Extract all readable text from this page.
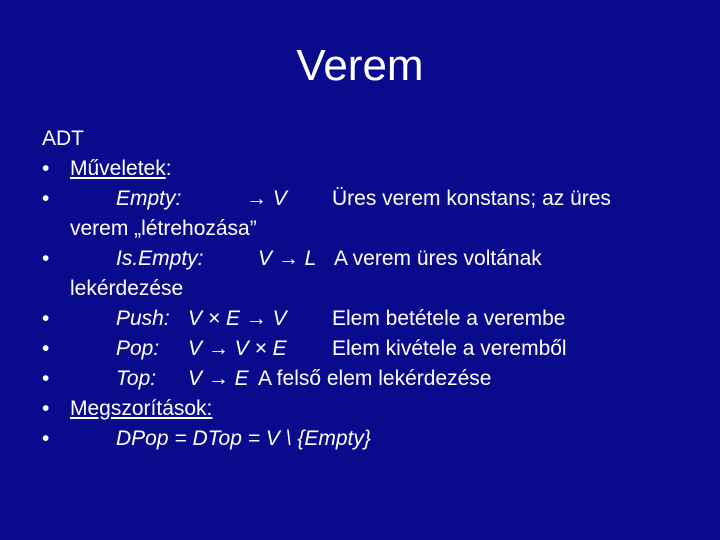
Verem
ADT
• Műveletek:
•	Empty:	→ V Üres verem konstans; az üres
verem „létrehozása”
•	Is.Empty:	V → L A verem üres voltának
lekérdezése
•	Push: V × E → V Elem betétele a verembe
•	Pop: V → V × E Elem kivétele a veremből
•	Top: V → E A felső elem lekérdezése
• Megszorítások:
•	DPop = DTop = V \ {Empty}
